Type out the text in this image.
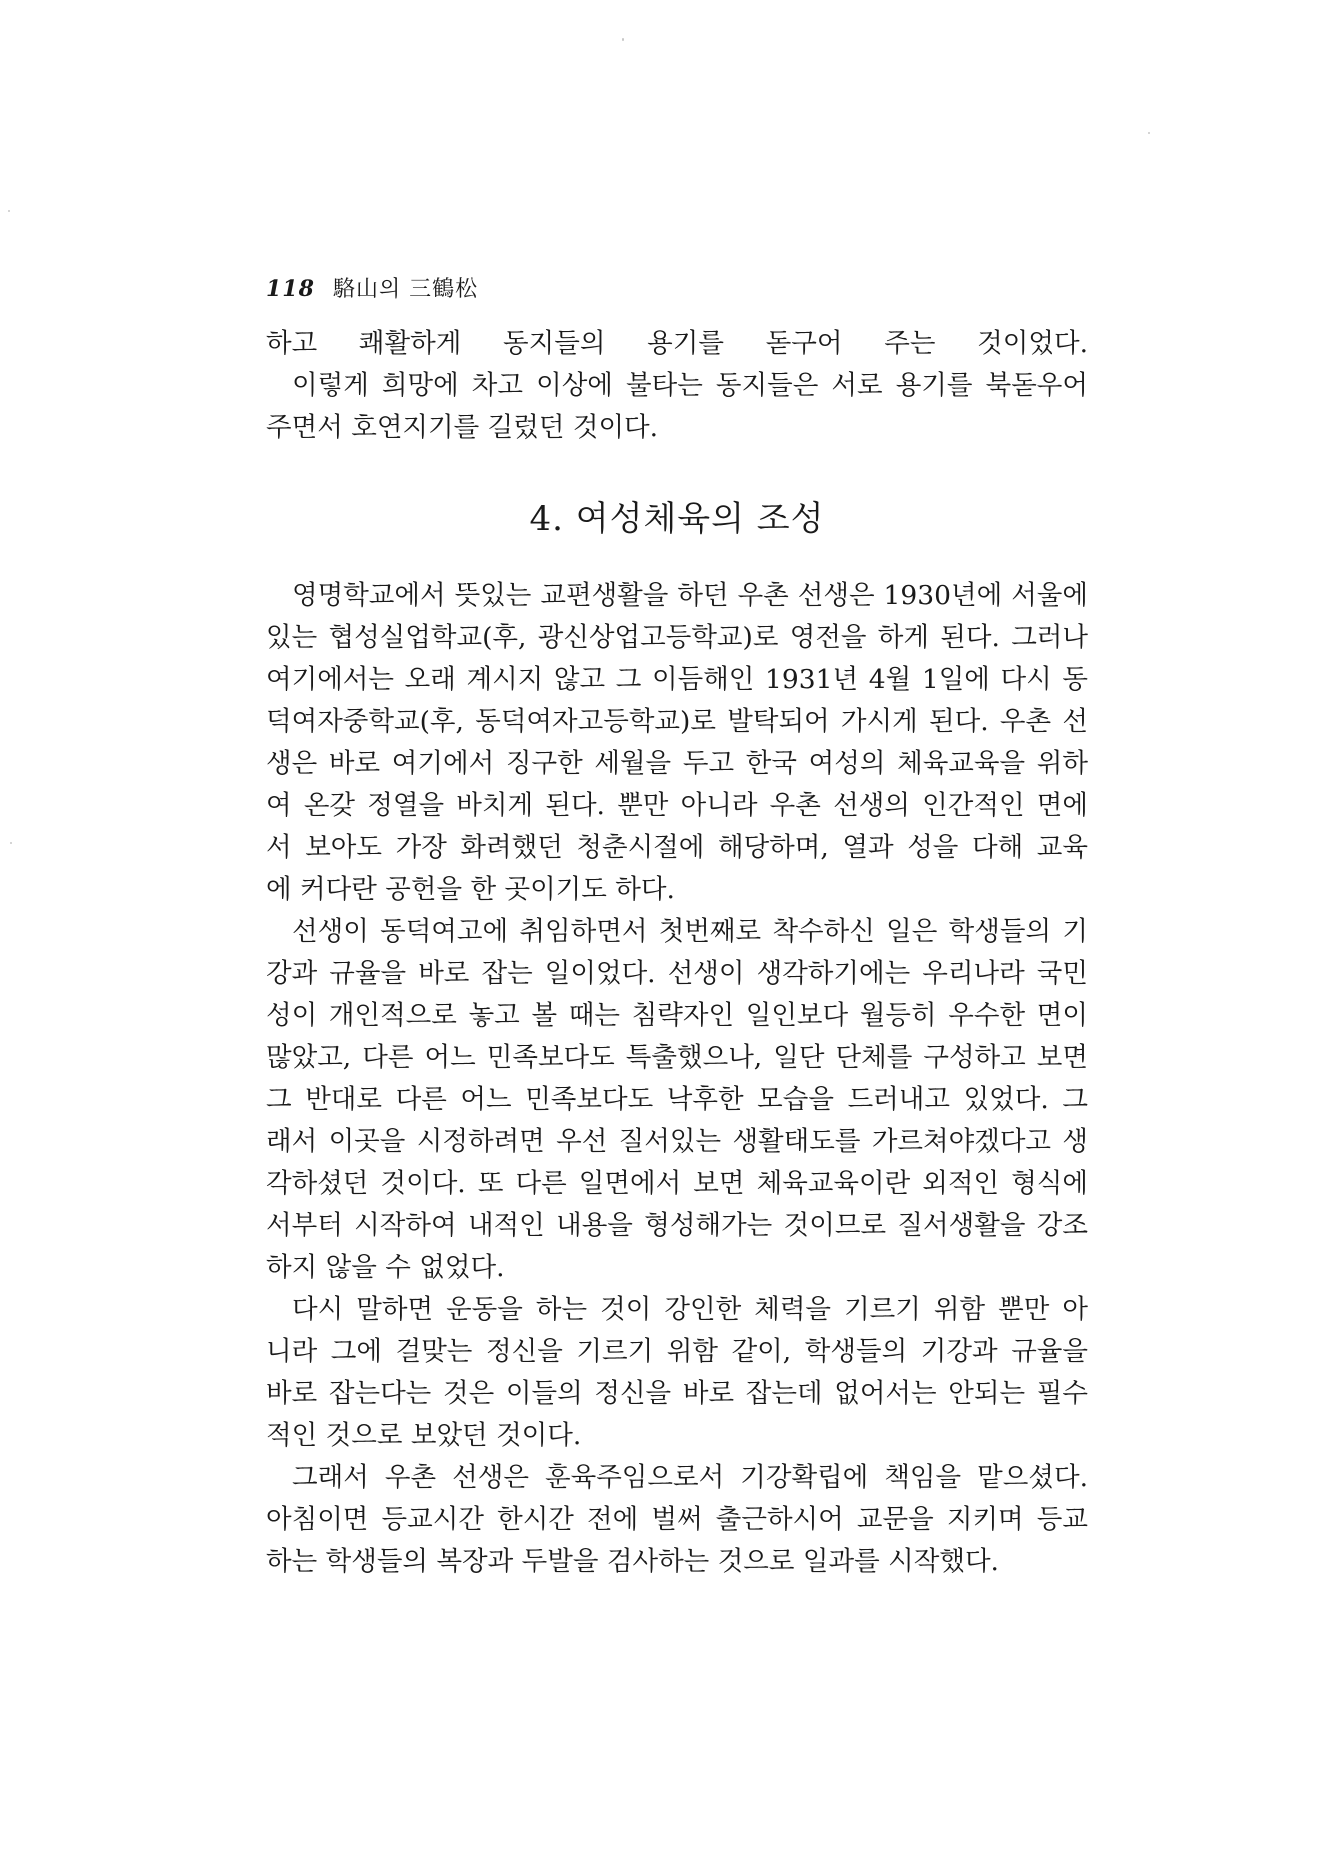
118 駱山의 三鶴松
하고 쾌활하게 동지들의 용기를 돋구어 주는 것이었다.
이렇게 희망에 차고 이상에 불타는 동지들은 서로 용기를 북돋우어
주면서 호연지기를 길렀던 것이다.
4. 여성체육의 조성
영명학교에서 뜻있는 교편생활을 하던 우촌 선생은 1930년에 서울에
있는 협성실업학교(후, 광신상업고등학교)로 영전을 하게 된다. 그러나
여기에서는 오래 계시지 않고 그 이듬해인 1931년 4월 1일에 다시 동
덕여자중학교(후, 동덕여자고등학교)로 발탁되어 가시게 된다. 우촌 선
생은 바로 여기에서 징구한 세월을 두고 한국 여성의 체육교육을 위하
여 온갖 정열을 바치게 된다. 뿐만 아니라 우촌 선생의 인간적인 면에
서 보아도 가장 화려했던 청춘시절에 해당하며, 열과 성을 다해 교육
에 커다란 공헌을 한 곳이기도 하다.
선생이 동덕여고에 취임하면서 첫번째로 착수하신 일은 학생들의 기
강과 규율을 바로 잡는 일이었다. 선생이 생각하기에는 우리나라 국민
성이 개인적으로 놓고 볼 때는 침략자인 일인보다 월등히 우수한 면이
많았고, 다른 어느 민족보다도 특출했으나, 일단 단체를 구성하고 보면
그 반대로 다른 어느 민족보다도 낙후한 모습을 드러내고 있었다. 그
래서 이곳을 시정하려면 우선 질서있는 생활태도를 가르쳐야겠다고 생
각하셨던 것이다. 또 다른 일면에서 보면 체육교육이란 외적인 형식에
서부터 시작하여 내적인 내용을 형성해가는 것이므로 질서생활을 강조
하지 않을 수 없었다.
다시 말하면 운동을 하는 것이 강인한 체력을 기르기 위함 뿐만 아
니라 그에 걸맞는 정신을 기르기 위함 같이, 학생들의 기강과 규율을
바로 잡는다는 것은 이들의 정신을 바로 잡는데 없어서는 안되는 필수
적인 것으로 보았던 것이다.
그래서 우촌 선생은 훈육주임으로서 기강확립에 책임을 맡으셨다.
아침이면 등교시간 한시간 전에 벌써 출근하시어 교문을 지키며 등교
하는 학생들의 복장과 두발을 검사하는 것으로 일과를 시작했다.
